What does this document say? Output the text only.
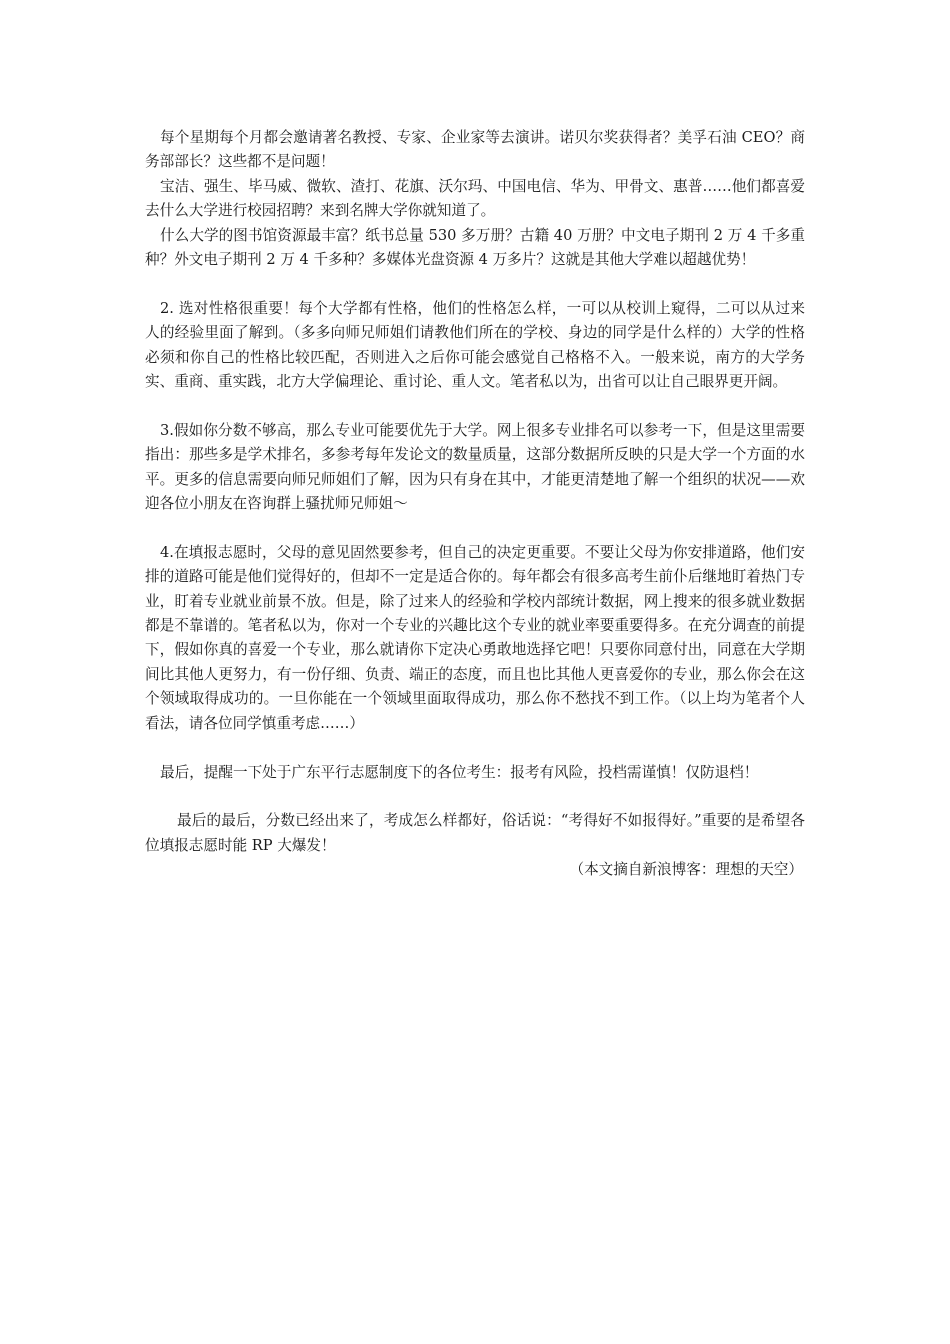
每个星期每个月都会邀请著名教授、专家、企业家等去演讲。诺贝尔奖获得者？美孚石油 CEO？商务部部长？这些都不是问题！

宝洁、强生、毕马威、微软、渣打、花旗、沃尔玛、中国电信、华为、甲骨文、惠普……他们都喜爱去什么大学进行校园招聘？来到名牌大学你就知道了。

什么大学的图书馆资源最丰富？纸书总量 530 多万册？古籍 40 万册？中文电子期刊 2 万 4 千多重种？外文电子期刊 2 万 4 千多种？多媒体光盘资源 4 万多片？这就是其他大学难以超越优势！

2. 选对性格很重要！每个大学都有性格，他们的性格怎么样，一可以从校训上窥得，二可以从过来人的经验里面了解到。（多多向师兄师姐们请教他们所在的学校、身边的同学是什么样的）大学的性格必须和你自己的性格比较匹配，否则进入之后你可能会感觉自己格格不入。一般来说，南方的大学务实、重商、重实践，北方大学偏理论、重讨论、重人文。笔者私以为，出省可以让自己眼界更开阔。

3.假如你分数不够高，那么专业可能要优先于大学。网上很多专业排名可以参考一下，但是这里需要指出：那些多是学术排名，多参考每年发论文的数量质量，这部分数据所反映的只是大学一个方面的水平。更多的信息需要向师兄师姐们了解，因为只有身在其中，才能更清楚地了解一个组织的状况——欢迎各位小朋友在咨询群上骚扰师兄师姐～

4.在填报志愿时，父母的意见固然要参考，但自己的决定更重要。不要让父母为你安排道路，他们安排的道路可能是他们觉得好的，但却不一定是适合你的。每年都会有很多高考生前仆后继地盯着热门专业，盯着专业就业前景不放。但是，除了过来人的经验和学校内部统计数据，网上搜来的很多就业数据都是不靠谱的。笔者私以为，你对一个专业的兴趣比这个专业的就业率要重要得多。在充分调查的前提下，假如你真的喜爱一个专业，那么就请你下定决心勇敢地选择它吧！只要你同意付出，同意在大学期间比其他人更努力，有一份仔细、负责、端正的态度，而且也比其他人更喜爱你的专业，那么你会在这个领域取得成功的。一旦你能在一个领域里面取得成功，那么你不愁找不到工作。（以上均为笔者个人看法，请各位同学慎重考虑……）

最后，提醒一下处于广东平行志愿制度下的各位考生：报考有风险，投档需谨慎！仅防退档！

最后的最后，分数已经出来了，考成怎么样都好，俗话说：“考得好不如报得好。”重要的是希望各位填报志愿时能 RP 大爆发！

（本文摘自新浪博客：理想的天空）
